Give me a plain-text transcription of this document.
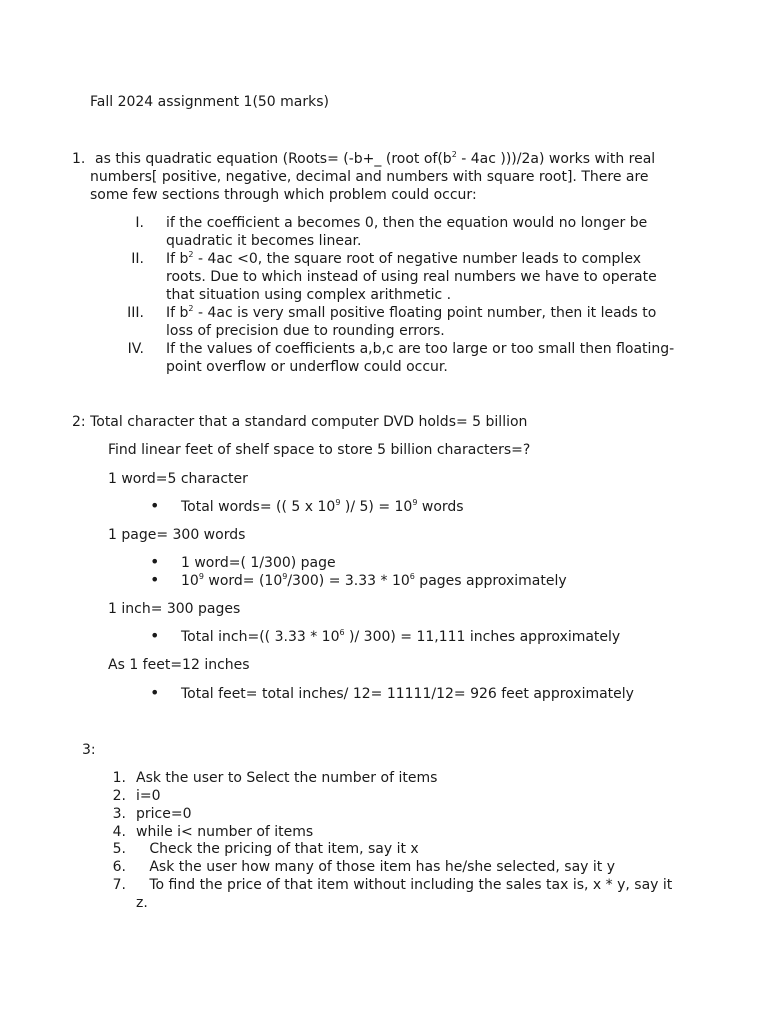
Fall 2024 assignment 1(50 marks)
1. as this quadratic equation (Roots= (-b+_ (root $of(b^2 - 4ac$ )))/2a) works with real
numbers[ positive, negative, decimal and numbers with square root]. There are
some few sections through which problem could occur:
I. if the coefficient a becomes 0, then the equation would no longer be
quadratic it becomes linear.
II. If $b^2 - 4ac <0$, the square root of negative number leads to complex
roots. Due to which instead of using real numbers we have to operate
that situation using complex arithmetic .
III. If $b^2 - 4ac$ is very small positive floating point number, then it leads to
loss of precision due to rounding errors.
IV. If the values of coefficients a,b,c are too large or too small then floating-
point overflow or underflow could occur.
2: Total character that a standard computer DVD holds= 5 billion
Find linear feet of shelf space to store 5 billion characters=?
1 word=5 character
• Total words= (( 5 x $10^9$ )/ $5) = 10^9$ words
1 page= 300 words
• 1 word=( 1/300) page
• $10^9$ word= $(10^9/300) = 3.33 * 10^6$ pages approximately
1 inch= 300 pages
• Total inch=(( $3.33 * 10^6$ )/ 300) = 11,111 inches approximately
As 1 feet=12 inches
• Total feet= total inches/ 12= 11111/12= 926 feet approximately
3:
1. Ask the user to Select the number of items
2. i=0
3. price=0
4. while i< number of items
5. Check the pricing of that item, say it x
6. Ask the user how many of those item has he/she selected, say it y
7. To find the price of that item without including the sales tax is, x * y, say it
z.
